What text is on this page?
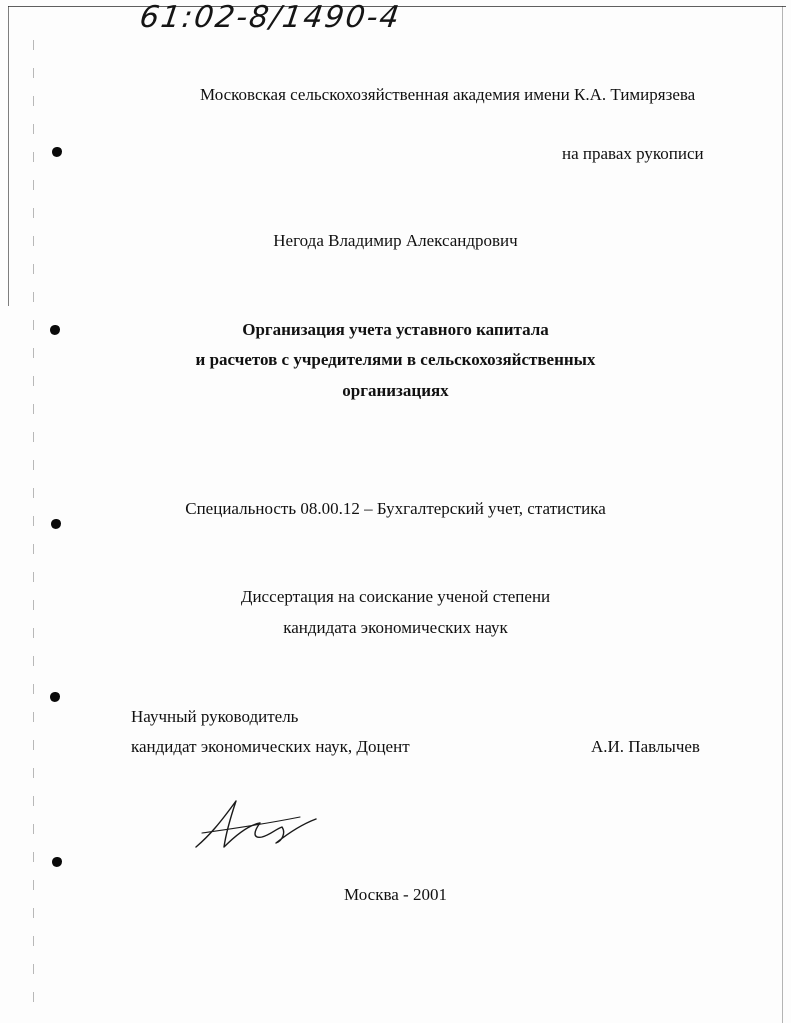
61:02-8/1490-4
Московская сельскохозяйственная академия имени К.А. Тимирязева
на правах рукописи
Негода Владимир Александрович
Организация учета уставного капитала
и расчетов с учредителями в сельскохозяйственных
организациях
Специальность 08.00.12 – Бухгалтерский учет, статистика
Диссертация на соискание ученой степени
кандидата экономических наук
Научный руководитель
кандидат экономических наук, Доцент	А.И. Павлычев
Москва - 2001
